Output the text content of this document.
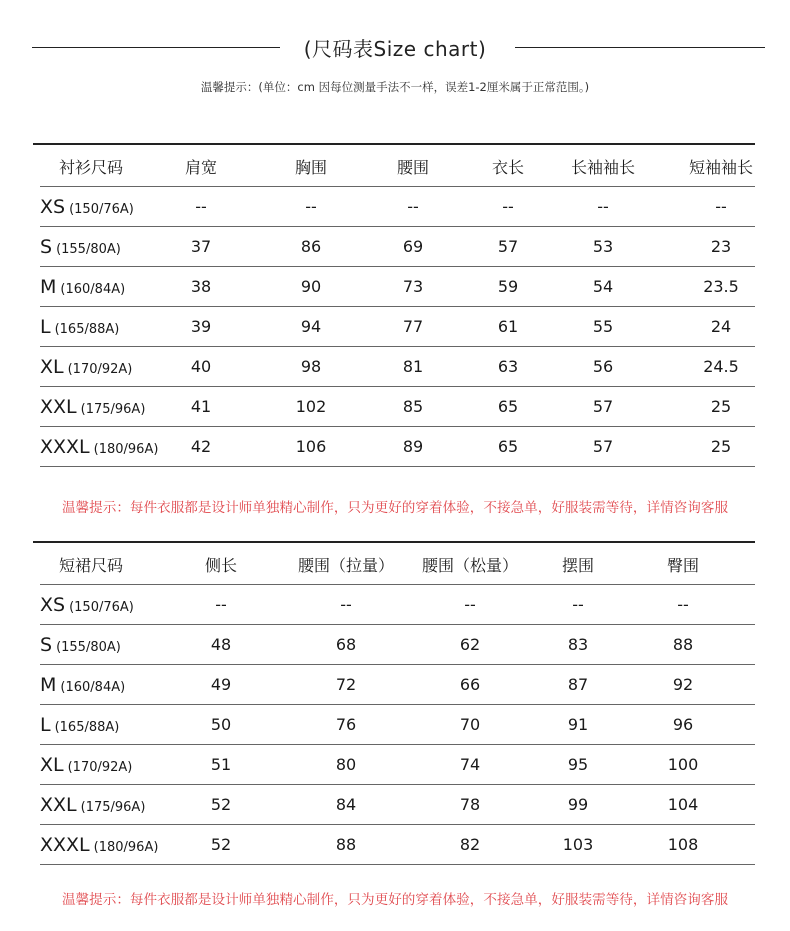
(尺码表Size chart)
温馨提示：(单位：cm 因每位测量手法不一样，误差1-2厘米属于正常范围。)
衬衫尺码	肩宽	胸围	腰围	衣长	长袖袖长	短袖袖长
XS (150/76A)	--	--	--	--	--	--
S (155/80A)	37	86	69	57	53	23
M (160/84A)	38	90	73	59	54	23.5
L (165/88A)	39	94	77	61	55	24
XL (170/92A)	40	98	81	63	56	24.5
XXL (175/96A)	41	102	85	65	57	25
XXXL (180/96A)	42	106	89	65	57	25
温馨提示：每件衣服都是设计师单独精心制作，只为更好的穿着体验，不接急单，好服装需等待，详情咨询客服
短裙尺码	侧长	腰围（拉量）	腰围（松量）	摆围	臀围
XS (150/76A)	--	--	--	--	--
S (155/80A)	48	68	62	83	88
M (160/84A)	49	72	66	87	92
L (165/88A)	50	76	70	91	96
XL (170/92A)	51	80	74	95	100
XXL (175/96A)	52	84	78	99	104
XXXL (180/96A)	52	88	82	103	108
温馨提示：每件衣服都是设计师单独精心制作，只为更好的穿着体验，不接急单，好服装需等待，详情咨询客服
